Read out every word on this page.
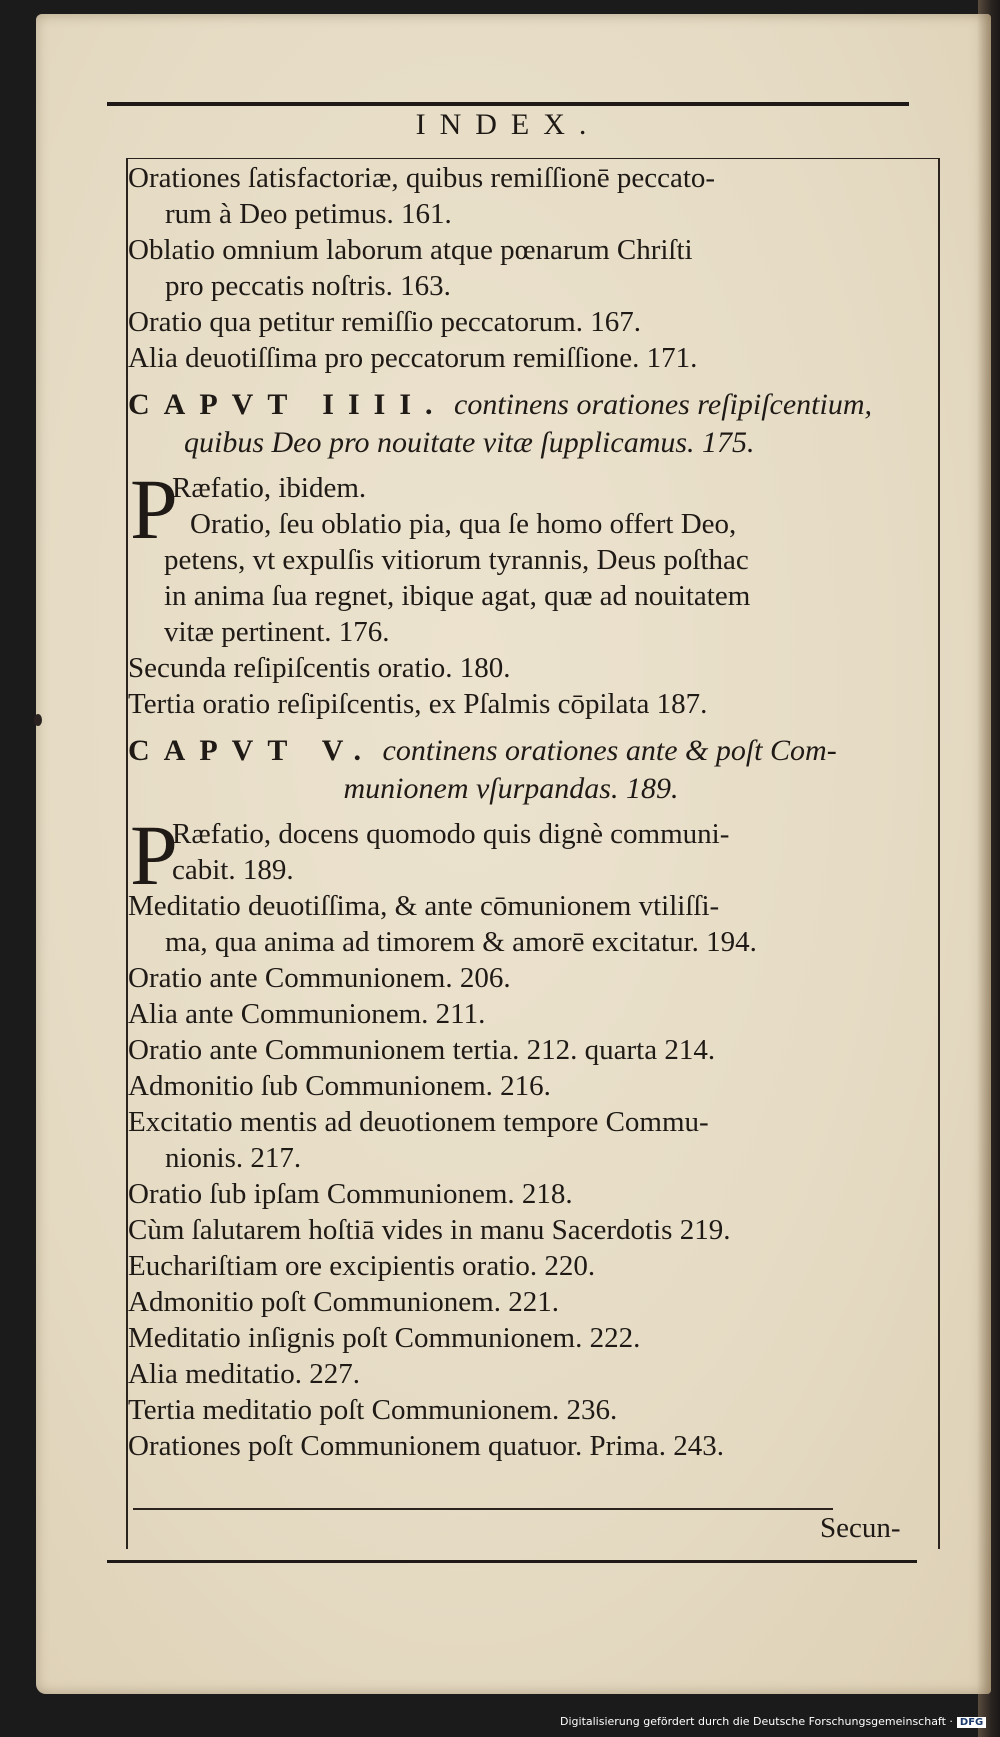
INDEX.

Orationes ſatisfactoriæ, quibus remiſſionē peccato-

rum à Deo petimus. 161.

Oblatio omnium laborum atque pœnarum Chriſti

pro peccatis noſtris. 163.

Oratio qua petitur remiſſio peccatorum. 167.

Alia deuotiſſima pro peccatorum remiſſione. 171.

CAPVT IIII. continens orationes reſipiſcentium,

quibus Deo pro nouitate vitæ ſupplicamus. 175.

P

Ræfatio, ibidem.

Oratio, ſeu oblatio pia, qua ſe homo offert Deo,

petens, vt expulſis vitiorum tyrannis, Deus poſthac

in anima ſua regnet, ibique agat, quæ ad nouitatem

vitæ pertinent. 176.

Secunda reſipiſcentis oratio. 180.

Tertia oratio reſipiſcentis, ex Pſalmis cōpilata 187.

CAPVT V. continens orationes ante & poſt Com-

munionem vſurpandas. 189.

P

Ræfatio, docens quomodo quis dignè communi-

cabit. 189.

Meditatio deuotiſſima, & ante cōmunionem vtiliſſi-

ma, qua anima ad timorem & amorē excitatur. 194.

Oratio ante Communionem. 206.

Alia ante Communionem. 211.

Oratio ante Communionem tertia. 212. quarta 214.

Admonitio ſub Communionem. 216.

Excitatio mentis ad deuotionem tempore Commu-

nionis. 217.

Oratio ſub ipſam Communionem. 218.

Cùm ſalutarem hoſtiā vides in manu Sacerdotis 219.

Euchariſtiam ore excipientis oratio. 220.

Admonitio poſt Communionem. 221.

Meditatio inſignis poſt Communionem. 222.

Alia meditatio. 227.

Tertia meditatio poſt Communionem. 236.

Orationes poſt Communionem quatuor. Prima. 243.

Secun-
Digitalisierung gefördert durch die Deutsche Forschungsgemeinschaft · DFG
